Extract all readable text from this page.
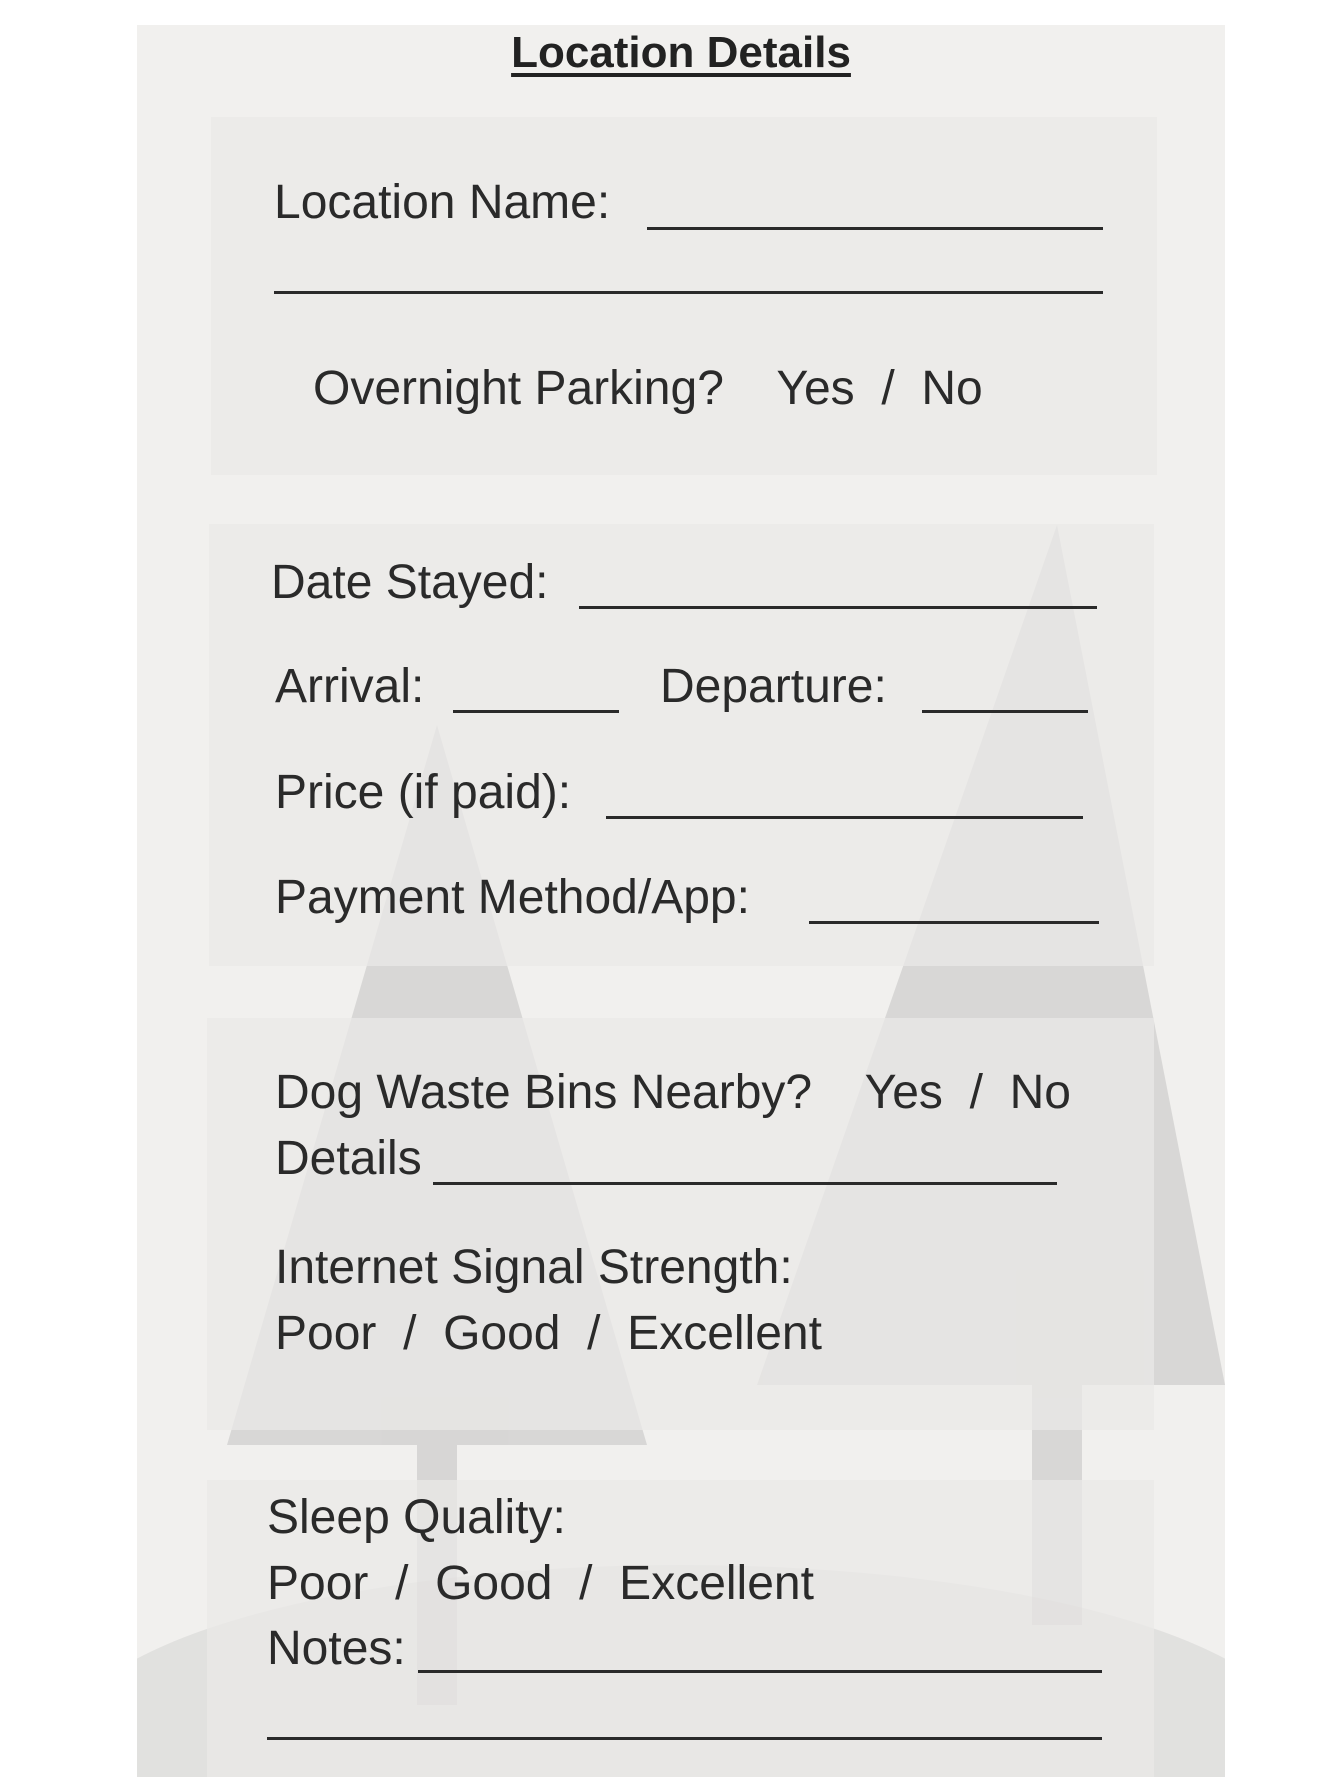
Location Details
Location Name:
Overnight Parking? Yes  /  No
Date Stayed:
Arrival:	Departure:
Price (if paid):
Payment Method/App:
Dog Waste Bins Nearby? Yes  /  No
Details
Internet Signal Strength:
Poor  /  Good  /  Excellent
Sleep Quality:
Poor  /  Good  /  Excellent
Notes:
